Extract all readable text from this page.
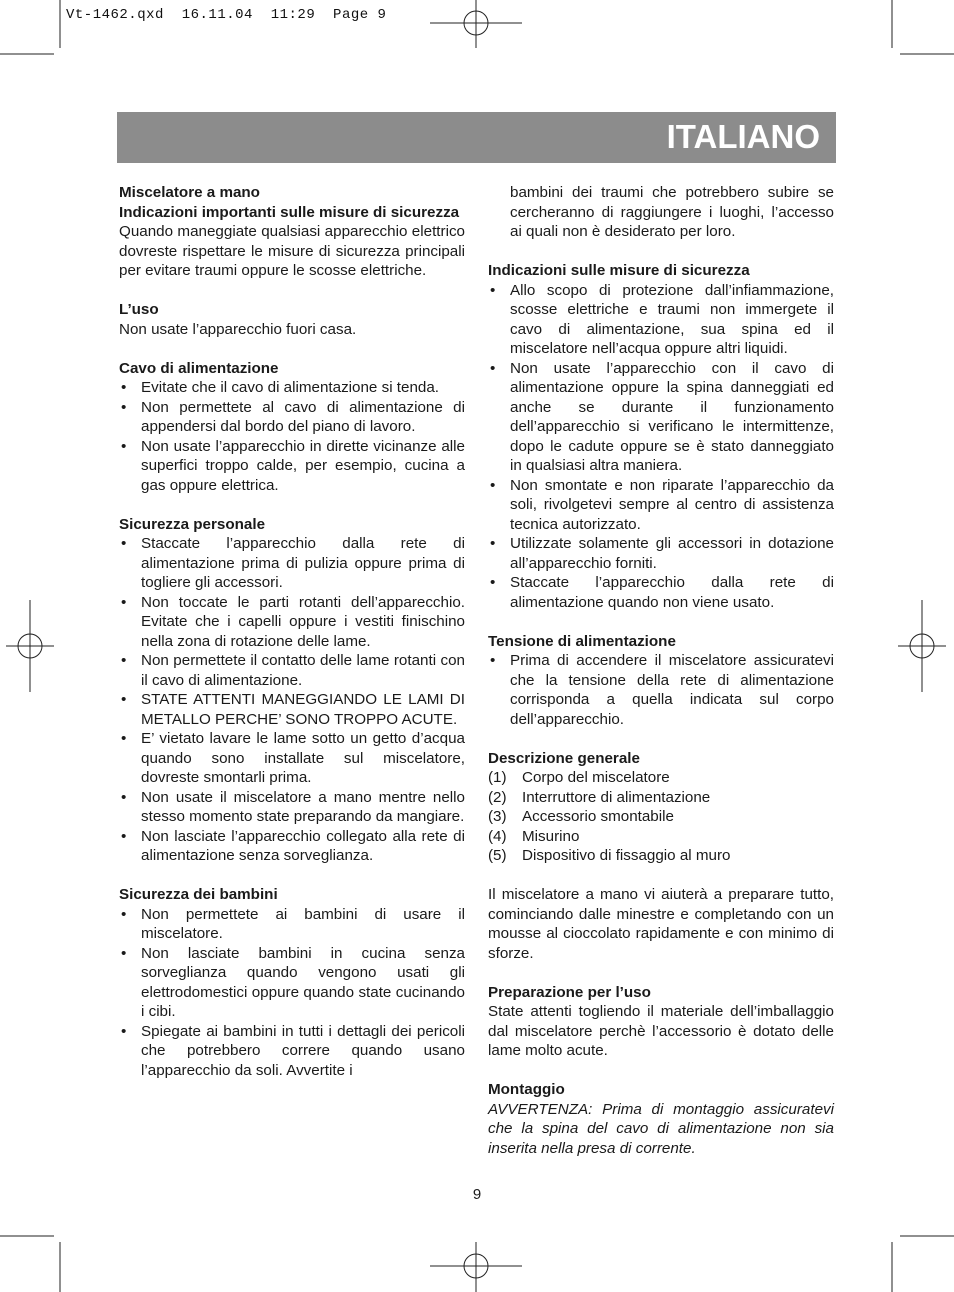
Vt-1462.qxd  16.11.04  11:29  Page 9
ITALIANO

Miscelatore a mano

Indicazioni importanti sulle misure di sicurezza

Quando maneggiate qualsiasi apparecchio elettrico dovreste rispettare le misure di sicurezza principali per evitare traumi oppure le scosse elettriche.

L’uso

Non usate l’apparecchio fuori casa.

Cavo di alimentazione

• Evitate che il cavo di alimentazione si tenda.
• Non permettete al cavo di alimentazione di appendersi dal bordo del piano di lavoro.
• Non usate l’apparecchio in dirette vicinanze alle superfici troppo calde, per esempio, cucina a gas oppure elettrica.

Sicurezza personale

• Staccate l’apparecchio dalla rete di alimentazione prima di pulizia oppure prima di togliere gli accessori.
• Non toccate le parti rotanti dell’apparecchio. Evitate che i capelli oppure i vestiti finischino nella zona di rotazione delle lame.
• Non permettete il contatto delle lame rotanti con il cavo di alimentazione.
• STATE ATTENTI MANEGGIANDO LE LAMI DI METALLO PERCHE’ SONO TROPPO ACUTE.
• E’ vietato lavare le lame sotto un getto d’acqua quando sono installate sul miscelatore, dovreste smontarli prima.
• Non usate il miscelatore a mano mentre nello stesso momento state preparando da mangiare.
• Non lasciate l’apparecchio collegato alla rete di alimentazione senza sorveglianza.

Sicurezza dei bambini

• Non permettete ai bambini di usare il miscelatore.
• Non lasciate bambini in cucina senza sorveglianza quando vengono usati gli elettrodomestici oppure quando state cucinando i cibi.
• Spiegate ai bambini in tutti i dettagli dei pericoli che potrebbero correre quando usano l’apparecchio da soli. Avvertite i

bambini dei traumi che potrebbero subire se cercheranno di raggiungere i luoghi, l’accesso ai quali non è desiderato per loro.

Indicazioni sulle misure di sicurezza

• Allo scopo di protezione dall’infiammazione, scosse elettriche e traumi non immergete il cavo di alimentazione, sua spina ed il miscelatore nell’acqua oppure altri liquidi.
• Non usate l’apparecchio con il cavo di alimentazione oppure la spina danneggiati ed anche se durante il funzionamento dell’apparecchio si verificano le intermittenze, dopo le cadute oppure se è stato danneggiato in qualsiasi altra maniera.
• Non smontate e non riparate l’apparecchio da soli, rivolgetevi sempre al centro di assistenza tecnica autorizzato.
• Utilizzate solamente gli accessori in dotazione all’apparecchio forniti.
• Staccate l’apparecchio dalla rete di alimentazione quando non viene usato.

Tensione di alimentazione

• Prima di accendere il miscelatore assicuratevi che la tensione della rete di alimentazione corrisponda a quella indicata sul corpo dell’apparecchio.

Descrizione generale

(1) Corpo del miscelatore
(2) Interruttore di alimentazione
(3) Accessorio smontabile
(4) Misurino
(5) Dispositivo di fissaggio al muro

Il miscelatore a mano vi aiuterà a preparare tutto, cominciando dalle minestre e completando con un mousse al cioccolato rapidamente e con minimo di sforze.

Preparazione per l’uso

State attenti togliendo il materiale dell’imballaggio dal miscelatore perchè l’accessorio è dotato delle lame molto acute.

Montaggio

AVVERTENZA: Prima di montaggio assicuratevi che la spina del cavo di alimentazione non sia inserita nella presa di corrente.

9
